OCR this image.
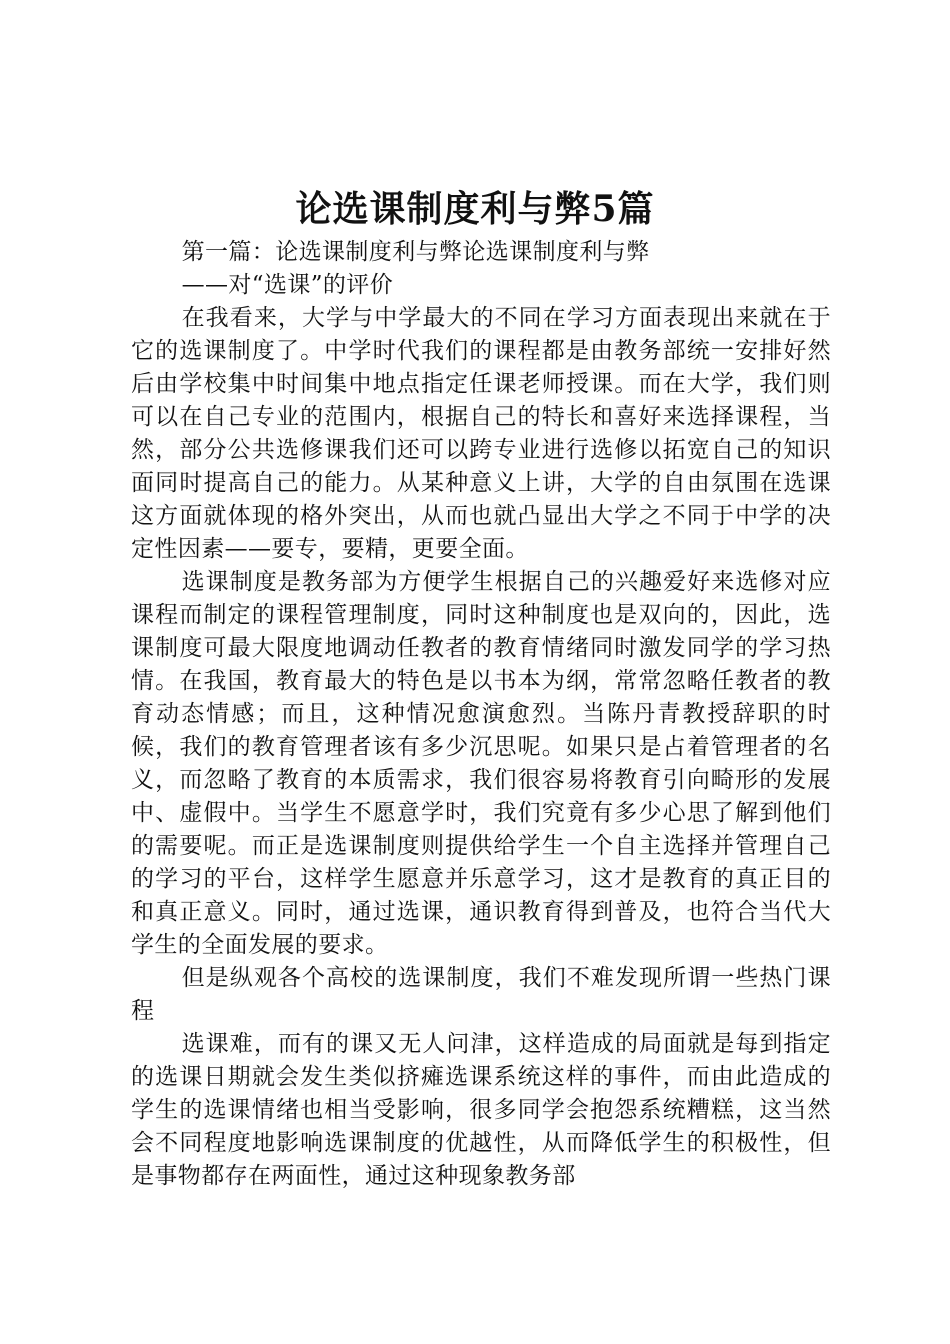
论选课制度利与弊5篇

第一篇：论选课制度利与弊论选课制度利与弊

——对“选课”的评价

在我看来，大学与中学最大的不同在学习方面表现出来就在于它的选课制度了。中学时代我们的课程都是由教务部统一安排好然后由学校集中时间集中地点指定任课老师授课。而在大学，我们则可以在自己专业的范围内，根据自己的特长和喜好来选择课程，当然，部分公共选修课我们还可以跨专业进行选修以拓宽自己的知识面同时提高自己的能力。从某种意义上讲，大学的自由氛围在选课这方面就体现的格外突出，从而也就凸显出大学之不同于中学的决定性因素——要专，要精，更要全面。

选课制度是教务部为方便学生根据自己的兴趣爱好来选修对应课程而制定的课程管理制度，同时这种制度也是双向的，因此，选课制度可最大限度地调动任教者的教育情绪同时激发同学的学习热情。在我国，教育最大的特色是以书本为纲，常常忽略任教者的教育动态情感；而且，这种情况愈演愈烈。当陈丹青教授辞职的时候，我们的教育管理者该有多少沉思呢。如果只是占着管理者的名义，而忽略了教育的本质需求，我们很容易将教育引向畸形的发展中、虚假中。当学生不愿意学时，我们究竟有多少心思了解到他们的需要呢。而正是选课制度则提供给学生一个自主选择并管理自己的学习的平台，这样学生愿意并乐意学习，这才是教育的真正目的和真正意义。同时，通过选课，通识教育得到普及，也符合当代大学生的全面发展的要求。

但是纵观各个高校的选课制度，我们不难发现所谓一些热门课程

选课难，而有的课又无人问津，这样造成的局面就是每到指定的选课日期就会发生类似挤瘫选课系统这样的事件，而由此造成的学生的选课情绪也相当受影响，很多同学会抱怨系统糟糕，这当然会不同程度地影响选课制度的优越性，从而降低学生的积极性，但是事物都存在两面性，通过这种现象教务部
